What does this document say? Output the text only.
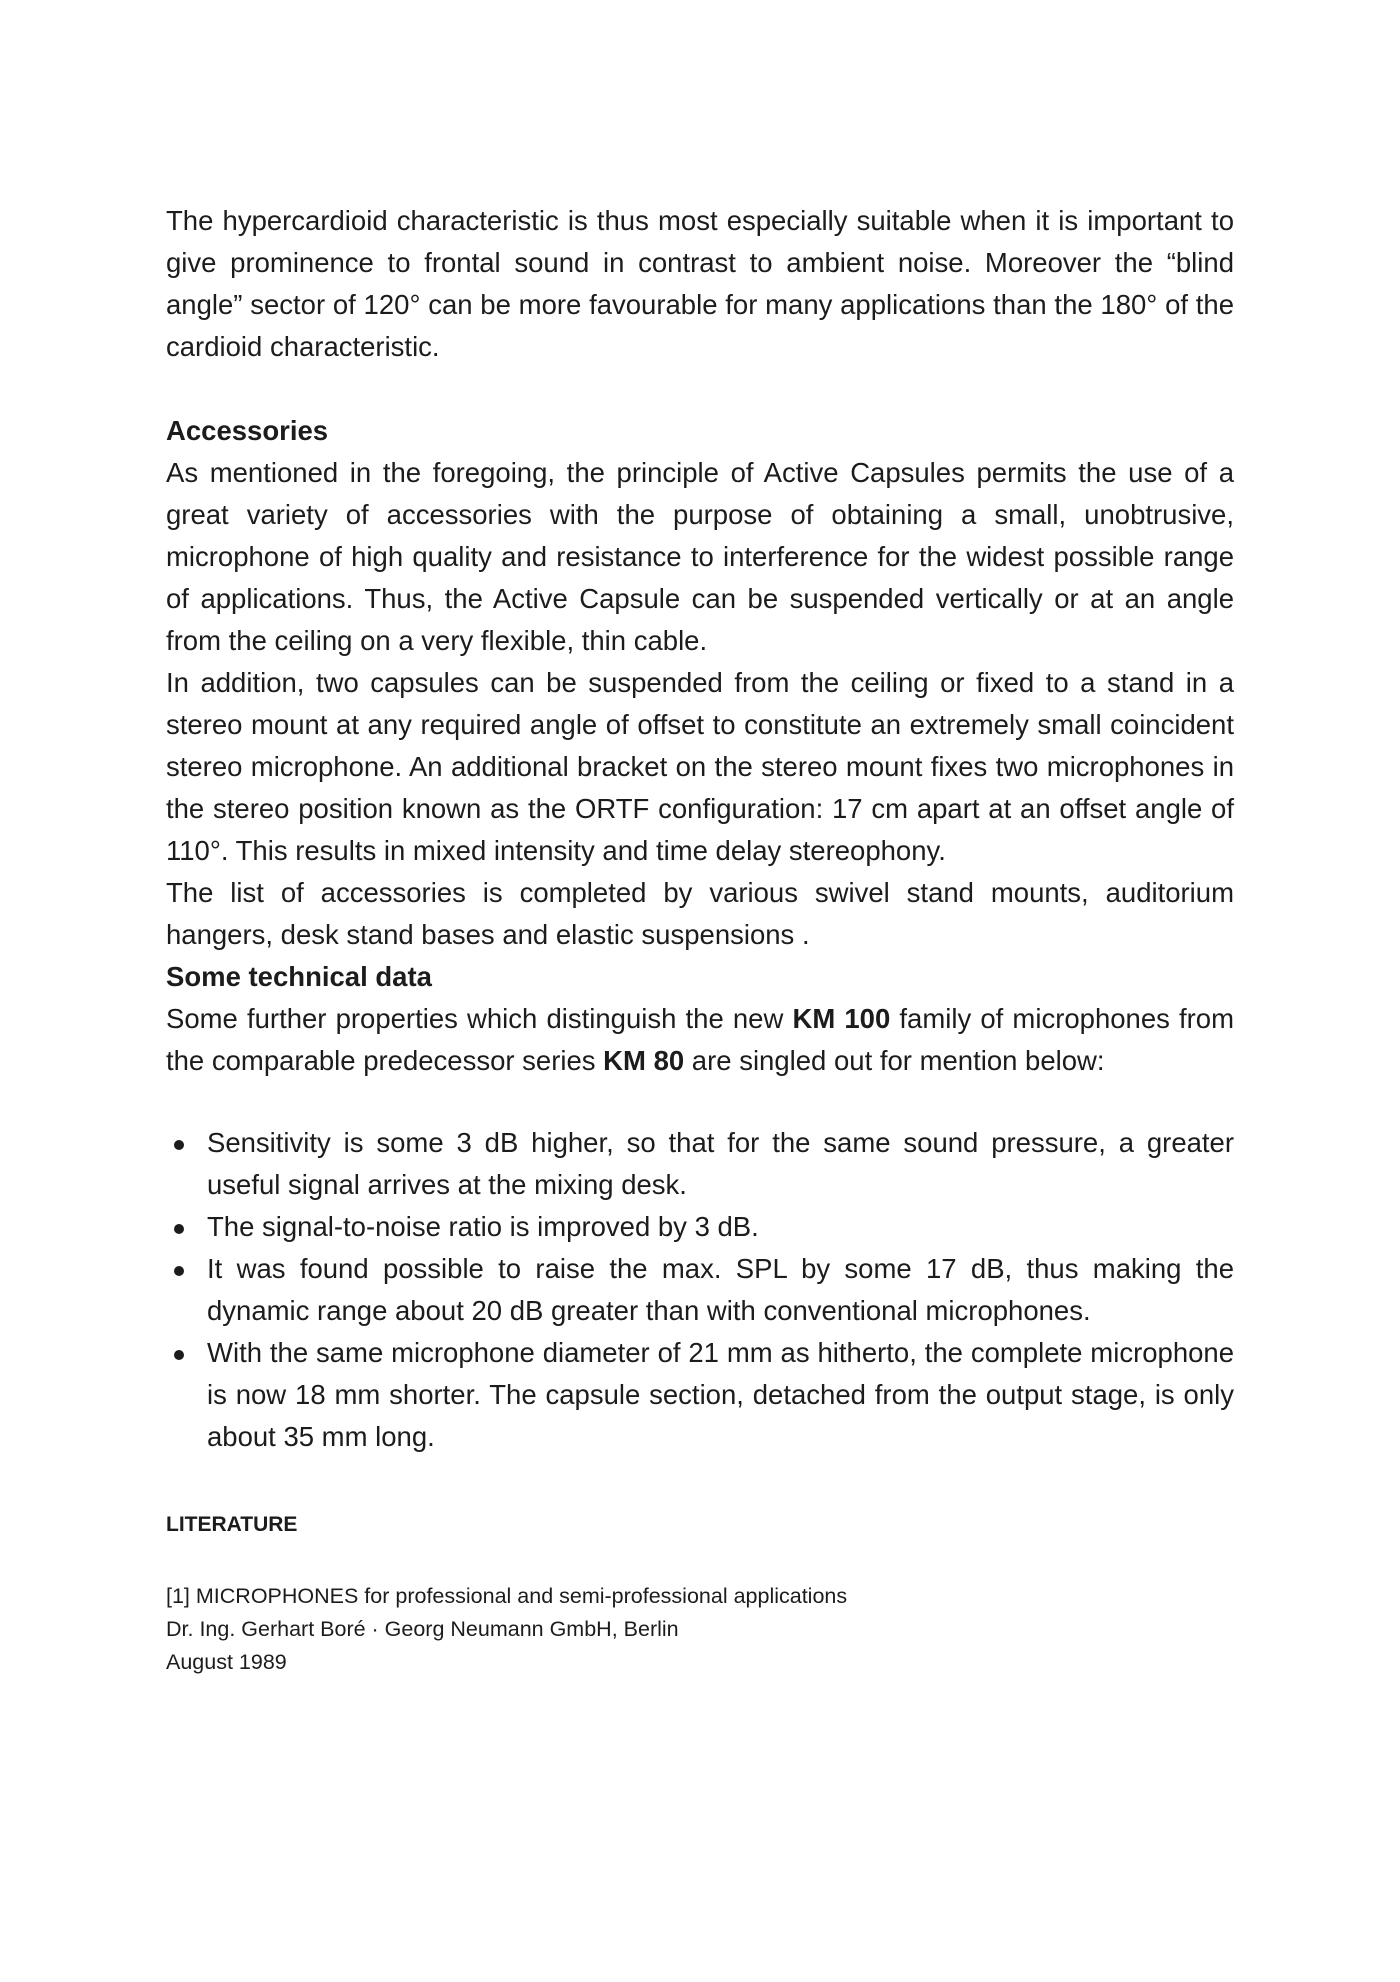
The hypercardioid characteristic is thus most especially suitable when it is important to give prominence to frontal sound in contrast to ambient noise. Moreover the “blind angle” sector of 120° can be more favourable for many applications than the 180° of the cardioid characteristic.

Accessories

As mentioned in the foregoing, the principle of Active Capsules permits the use of a great variety of accessories with the purpose of obtaining a small, unobtrusive, microphone of high quality and resistance to interference for the widest possible range of applications. Thus, the Active Capsule can be suspended vertically or at an angle from the ceiling on a very flexible, thin cable.

In addition, two capsules can be suspended from the ceiling or fixed to a stand in a stereo mount at any required angle of offset to constitute an extremely small coincident stereo microphone. An additional bracket on the stereo mount fixes two microphones in the stereo position known as the ORTF configuration: 17 cm apart at an offset angle of 110°. This results in mixed intensity and time delay stereophony.

The list of accessories is completed by various swivel stand mounts, auditorium hangers, desk stand bases and elastic suspensions .

Some technical data

Some further properties which distinguish the new KM 100 family of microphones from the comparable predecessor series KM 80 are singled out for mention below:

Sensitivity is some 3 dB higher, so that for the same sound pressure, a greater useful signal arrives at the mixing desk.
The signal-to-noise ratio is improved by 3 dB.
It was found possible to raise the max. SPL by some 17 dB, thus making the dynamic range about 20 dB greater than with conventional microphones.
With the same microphone diameter of 21 mm as hitherto, the complete microphone is now 18 mm shorter. The capsule section, detached from the output stage, is only about 35 mm long.
LITERATURE

[1] MICROPHONES for professional and semi-professional applications

Dr. Ing. Gerhart Boré · Georg Neumann GmbH, Berlin

August 1989
